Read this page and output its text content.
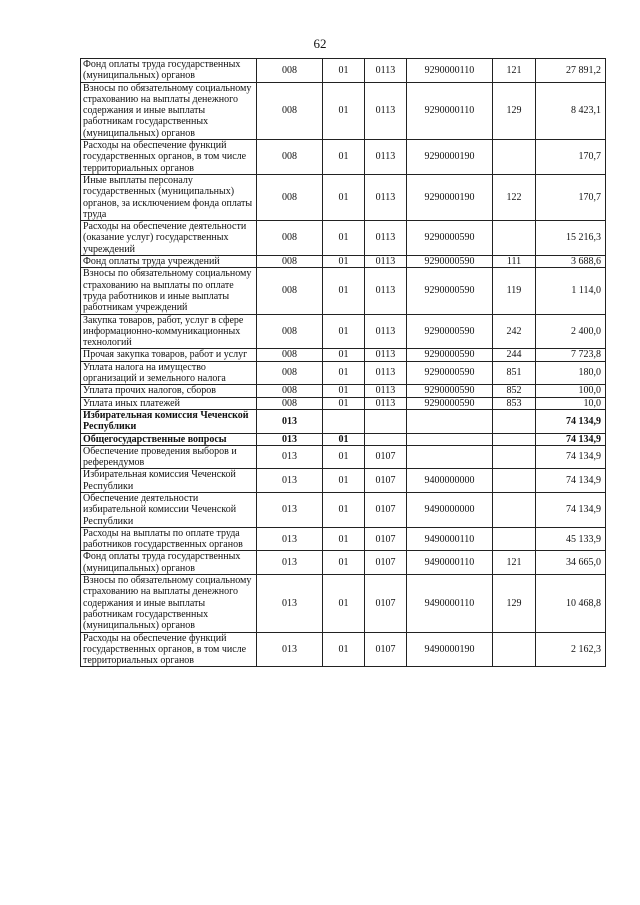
62
Фонд оплаты труда государственных (муниципальных) органов	008	01	0113	9290000110	121	27 891,2
Взносы по обязательному социальному страхованию на выплаты денежного содержания и иные выплаты работникам государственных (муниципальных) органов	008	01	0113	9290000110	129	8 423,1
Расходы на обеспечение функций государственных органов, в том числе территориальных органов	008	01	0113	9290000190		170,7
Иные выплаты персоналу государственных (муниципальных) органов, за исключением фонда оплаты труда	008	01	0113	9290000190	122	170,7
Расходы на обеспечение деятельности (оказание услуг) государственных учреждений	008	01	0113	9290000590		15 216,3
Фонд оплаты труда учреждений	008	01	0113	9290000590	111	3 688,6
Взносы по обязательному социальному страхованию на выплаты по оплате труда работников и иные выплаты работникам учреждений	008	01	0113	9290000590	119	1 114,0
Закупка товаров, работ, услуг в сфере информационно-коммуникационных технологий	008	01	0113	9290000590	242	2 400,0
Прочая закупка товаров, работ и услуг	008	01	0113	9290000590	244	7 723,8
Уплата налога на имущество организаций и земельного налога	008	01	0113	9290000590	851	180,0
Уплата прочих налогов, сборов	008	01	0113	9290000590	852	100,0
Уплата иных платежей	008	01	0113	9290000590	853	10,0
Избирательная комиссия Чеченской Республики	013					74 134,9
Общегосударственные вопросы	013	01				74 134,9
Обеспечение проведения выборов и референдумов	013	01	0107			74 134,9
Избирательная комиссия Чеченской Республики	013	01	0107	9400000000		74 134,9
Обеспечение деятельности избирательной комиссии Чеченской Республики	013	01	0107	9490000000		74 134,9
Расходы на выплаты по оплате труда работников государственных органов	013	01	0107	9490000110		45 133,9
Фонд оплаты труда государственных (муниципальных) органов	013	01	0107	9490000110	121	34 665,0
Взносы по обязательному социальному страхованию на выплаты денежного содержания и иные выплаты работникам государственных (муниципальных) органов	013	01	0107	9490000110	129	10 468,8
Расходы на обеспечение функций государственных органов, в том числе территориальных органов	013	01	0107	9490000190		2 162,3
